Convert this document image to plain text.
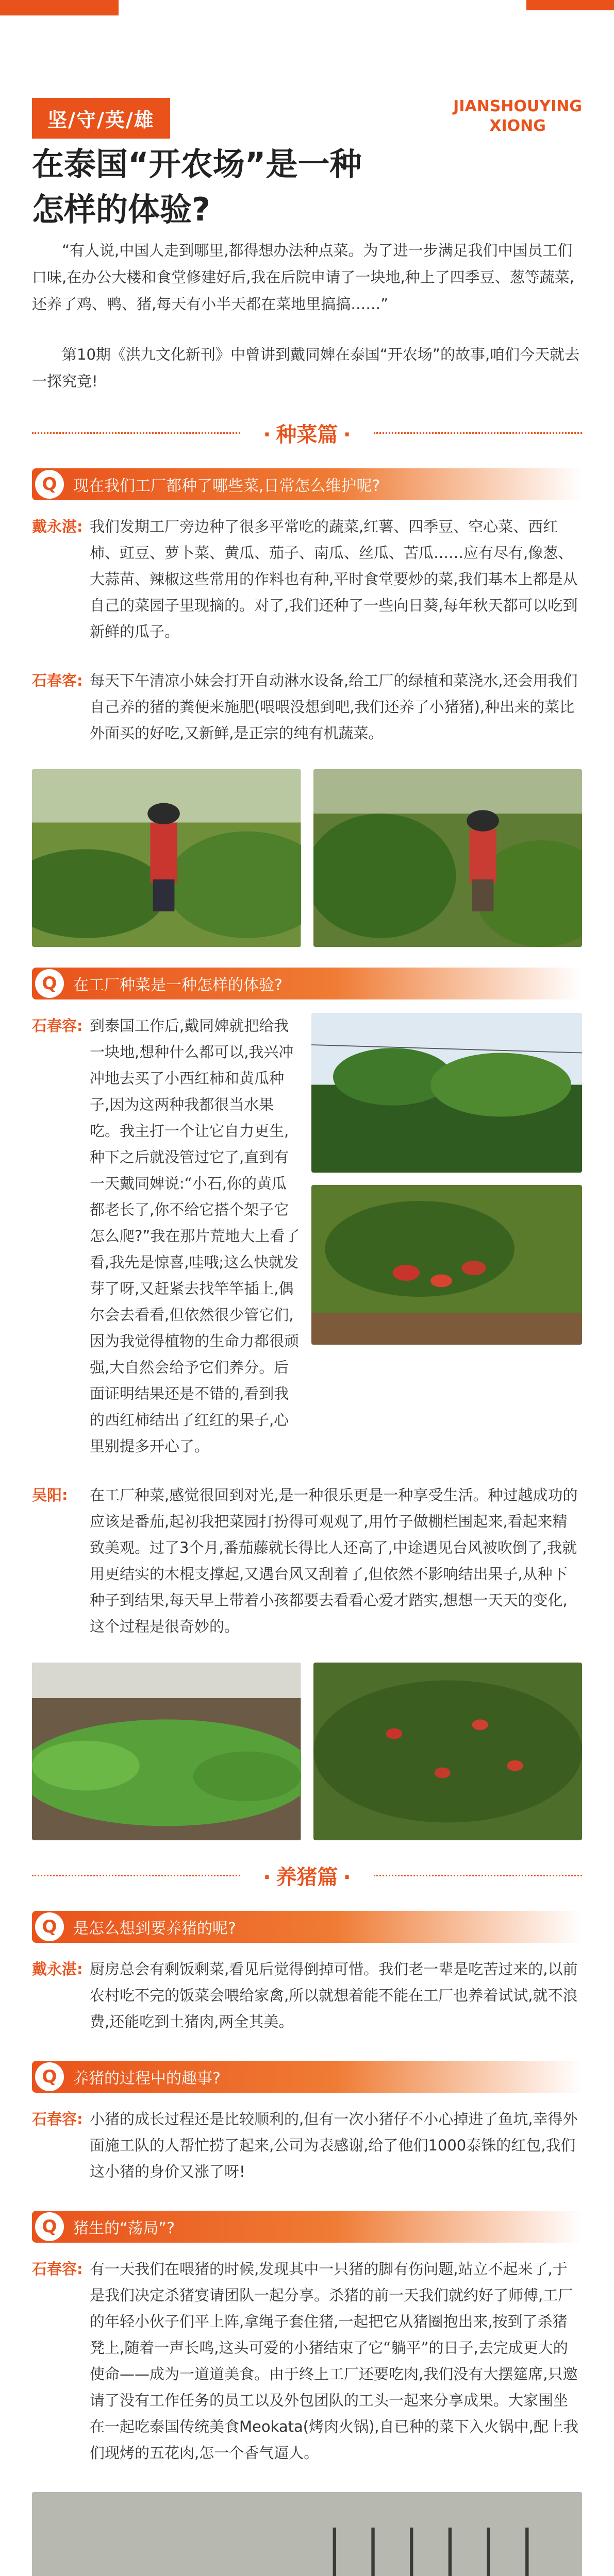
坚/守/英/雄
JIANSHOUYING
XIONG
在泰国“开农场”是一种
怎样的体验?

“有人说,中国人走到哪里,都得想办法种点菜。为了进一步满足我们中国员工们口味,在办公大楼和食堂修建好后,我在后院申请了一块地,种上了四季豆、葱等蔬菜,还养了鸡、鸭、猪,每天有小半天都在菜地里搞搞……”

第10期《洪九文化新刊》中曾讲到戴同婢在泰国“开农场”的故事,咱们今天就去一探究竟!

· 种菜篇 ·
Q	现在我们工厂都种了哪些菜,日常怎么维护呢?
戴永湛: 我们发期工厂旁边种了很多平常吃的蔬菜,红薯、四季豆、空心菜、西红柿、豇豆、萝卜菜、黄瓜、茄子、南瓜、丝瓜、苦瓜……应有尽有,像葱、大蒜苗、辣椒这些常用的作料也有种,平时食堂要炒的菜,我们基本上都是从自己的菜园子里现摘的。对了,我们还种了一些向日葵,每年秋天都可以吃到新鲜的瓜子。

石春客: 每天下午清凉小妹会打开自动淋水设备,给工厂的绿植和菜浇水,还会用我们自己养的猪的粪便来施肥(喂喂没想到吧,我们还养了小猪猪),种出来的菜比外面买的好吃,又新鲜,是正宗的纯有机蔬菜。

Q	在工厂种菜是一种怎样的体验?
石春容: 到泰国工作后,戴同婢就把给我一块地,想种什么都可以,我兴冲冲地去买了小西红柿和黄瓜种子,因为这两种我都很当水果吃。我主打一个让它自力更生,种下之后就没管过它了,直到有一天戴同婢说:“小石,你的黄瓜都老长了,你不给它搭个架子它怎么爬?”我在那片荒地大上看了看,我先是惊喜,哇哦;这么快就发芽了呀,又赶紧去找竿竿插上,偶尔会去看看,但依然很少管它们,因为我觉得植物的生命力都很顽强,大自然会给予它们养分。后面证明结果还是不错的,看到我的西红柿结出了红红的果子,心里别提多开心了。

吴阳:	在工厂种菜,感觉很回到对光,是一种很乐更是一种享受生活。种过越成功的应该是番茄,起初我把菜园打扮得可观观了,用竹子做棚栏围起来,看起来精致美观。过了3个月,番茄藤就长得比人还高了,中途遇见台风被吹倒了,我就用更结实的木棍支撑起,又遇台风又刮着了,但依然不影响结出果子,从种下种子到结果,每天早上带着小孩都要去看看心爱才踏实,想想一天天的变化,这个过程是很奇妙的。

· 养猪篇 ·
Q	是怎么想到要养猪的呢?
戴永湛: 厨房总会有剩饭剩菜,看见后觉得倒掉可惜。我们老一辈是吃苦过来的,以前农村吃不完的饭菜会喂给家禽,所以就想着能不能在工厂也养着试试,就不浪费,还能吃到土猪肉,两全其美。

Q	养猪的过程中的趣事?
石春容: 小猪的成长过程还是比较顺利的,但有一次小猪仔不小心掉进了鱼坑,幸得外面施工队的人帮忙捞了起来,公司为表感谢,给了他们1000泰铢的红包,我们这小猪的身价又涨了呀!

Q	猪生的“荡局”?
石春容: 有一天我们在喂猪的时候,发现其中一只猪的脚有伤问题,站立不起来了,于是我们决定杀猪宴请团队一起分享。杀猪的前一天我们就约好了师傅,工厂的年轻小伙子们平上阵,拿绳子套住猪,一起把它从猪圈抱出来,按到了杀猪凳上,随着一声长鸣,这头可爱的小猪结束了它“躺平”的日子,去完成更大的使命——成为一道道美食。由于终上工厂还要吃肉,我们没有大摆筵席,只邀请了没有工作任务的员工以及外包团队的工头一起来分享成果。大家围坐在一起吃泰国传统美食Meokata(烤肉火锅),自已种的菜下入火锅中,配上我们现烤的五花肉,怎一个香气逼人。
